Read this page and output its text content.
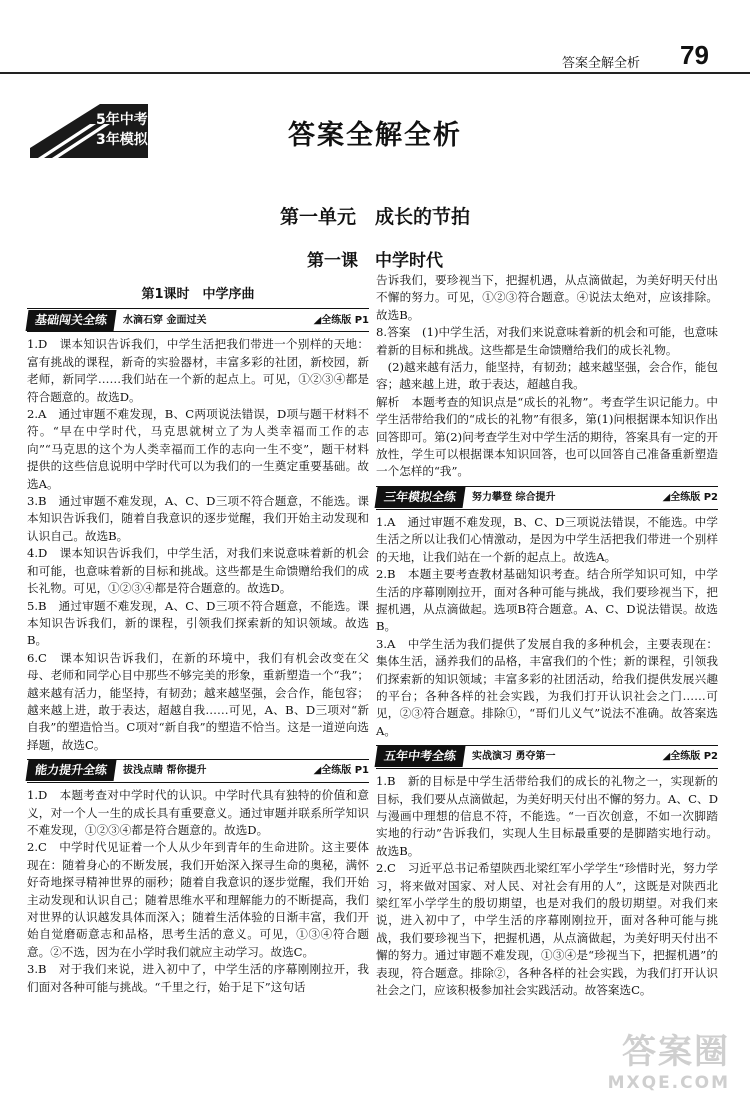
答案全解全析 79
5年中考
3年模拟	答案全解全析
第一单元　成长的节拍
第一课　中学时代

第1课时　中学序曲

基础闯关全练	水滴石穿 金面过关	◢全练版 P1

1.D　课本知识告诉我们，中学生活把我们带进一个别样的天地：富有挑战的课程，新奇的实验器材，丰富多彩的社团，新校园，新老师，新同学……我们站在一个新的起点上。可见，①②③④都是符合题意的。故选D。

2.A　通过审题不难发现，B、C两项说法错误，D项与题干材料不符。“早在中学时代，马克思就树立了为人类幸福而工作的志向”“马克思的这个为人类幸福而工作的志向一生不变”，题干材料提供的这些信息说明中学时代可以为我们的一生奠定重要基础。故选A。

3.B　通过审题不难发现，A、C、D三项不符合题意，不能选。课本知识告诉我们，随着自我意识的逐步觉醒，我们开始主动发现和认识自己。故选B。

4.D　课本知识告诉我们，中学生活，对我们来说意味着新的机会和可能，也意味着新的目标和挑战。这些都是生命馈赠给我们的成长礼物。可见，①②③④都是符合题意的。故选D。

5.B　通过审题不难发现，A、C、D三项不符合题意，不能选。课本知识告诉我们，新的课程，引领我们探索新的知识领域。故选B。

6.C　课本知识告诉我们，在新的环境中，我们有机会改变在父母、老师和同学心目中那些不够完美的形象，重新塑造一个“我”；越来越有活力，能坚持，有韧劲；越来越坚强，会合作，能包容；越来越上进，敢于表达，超越自我……可见，A、B、D三项对“新自我”的塑造恰当。C项对“新自我”的塑造不恰当。这是一道逆向选择题，故选C。

能力提升全练	拔浅点睛 帮你提升	◢全练版 P1

1.D　本题考查对中学时代的认识。中学时代具有独特的价值和意义，对一个人一生的成长具有重要意义。通过审题并联系所学知识不难发现，①②③④都是符合题意的。故选D。

2.C　中学时代见证着一个人从少年到青年的生命进阶。这主要体现在：随着身心的不断发展，我们开始深入探寻生命的奥秘，满怀好奇地探寻精神世界的丽秒；随着自我意识的逐步觉醒，我们开始主动发现和认识自己；随着思维水平和理解能力的不断提高，我们对世界的认识越发具体而深入；随着生活体验的日渐丰富，我们开始自觉磨砺意志和品格，思考生活的意义。可见，①③④符合题意。②不选，因为在小学时我们就应主动学习。故选C。

3.B　对于我们来说，进入初中了，中学生活的序幕刚刚拉开，我们面对各种可能与挑战。“千里之行，始于足下”这句话

告诉我们，要珍视当下，把握机遇，从点滴做起，为美好明天付出不懈的努力。可见，①②③符合题意。④说法太绝对，应该排除。故选B。

8.答案　(1)中学生活，对我们来说意味着新的机会和可能，也意味着新的目标和挑战。这些都是生命馈赠给我们的成长礼物。

(2)越来越有活力，能坚持，有韧劲；越来越坚强，会合作，能包容；越来越上进，敢于表达，超越自我。

解析　本题考查的知识点是“成长的礼物”。考查学生识记能力。中学生活带给我们的“成长的礼物”有很多，第(1)问根据课本知识作出回答即可。第(2)问考查学生对中学生活的期待，答案具有一定的开放性，学生可以根据课本知识回答，也可以回答自己准备重新塑造一个怎样的“我”。

三年模拟全练	努力攀登 综合提升	◢全练版 P2

1.A　通过审题不难发现，B、C、D三项说法错误，不能选。中学生活之所以让我们心情激动，是因为中学生活把我们带进一个别样的天地，让我们站在一个新的起点上。故选A。

2.B　本题主要考查教材基础知识考查。结合所学知识可知，中学生活的序幕刚刚拉开，面对各种可能与挑战，我们要珍视当下，把握机遇，从点滴做起。选项B符合题意。A、C、D说法错误。故选B。

3.A　中学生活为我们提供了发展自我的多种机会，主要表现在：集体生活，涵养我们的品格，丰富我们的个性；新的课程，引领我们探索新的知识领域；丰富多彩的社团活动，给我们提供发展兴趣的平台；各种各样的社会实践，为我们打开认识社会之门……可见，②③符合题意。排除①，“哥们儿义气”说法不准确。故答案选A。

五年中考全练	实战演习 勇夺第一	◢全练版 P2

1.B　新的目标是中学生活带给我们的成长的礼物之一，实现新的目标，我们要从点滴做起，为美好明天付出不懈的努力。A、C、D与漫画中理想的信息不符，不能选。“一百次创意，不如一次脚踏实地的行动”告诉我们，实现人生目标最重要的是脚踏实地行动。故选B。

2.C　习近平总书记希望陕西北梁红军小学学生“珍惜时光，努力学习，将来做对国家、对人民、对社会有用的人”，这既是对陕西北梁红军小学学生的殷切期望，也是对我们的殷切期望。对我们来说，进入初中了，中学生活的序幕刚刚拉开，面对各种可能与挑战，我们要珍视当下，把握机遇，从点滴做起，为美好明天付出不懈的努力。通过审题不难发现，①③④是“珍视当下，把握机遇”的表现，符合题意。排除②，各种各样的社会实践，为我们打开认识社会之门，应该积极参加社会实践活动。故答案选C。

答案圈
MXQE.COM
